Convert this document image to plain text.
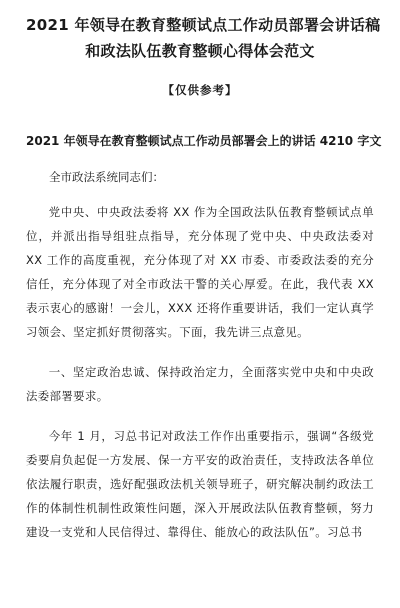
2021 年领导在教育整顿试点工作动员部署会讲话稿
和政法队伍教育整顿心得体会范文
【仅供参考】
2021 年领导在教育整顿试点工作动员部署会上的讲话 4210 字文
全市政法系统同志们：

党中央、中央政法委将 XX 作为全国政法队伍教育整顿试点单位，并派出指导组驻点指导，充分体现了党中央、中央政法委对 XX 工作的高度重视，充分体现了对 XX 市委、市委政法委的充分信任，充分体现了对全市政法干警的关心厚爱。在此，我代表 XX 表示衷心的感谢！一会儿，XXX 还将作重要讲话，我们一定认真学习领会、坚定抓好贯彻落实。下面，我先讲三点意见。

一、坚定政治忠诚、保持政治定力，全面落实党中央和中央政法委部署要求。

今年 1 月，习总书记对政法工作作出重要指示，强调“各级党委要肩负起促一方发展、保一方平安的政治责任，支持政法各单位依法履行职责，选好配强政法机关领导班子，研究解决制约政法工作的体制性机制性政策性问题，深入开展政法队伍教育整顿，努力建设一支党和人民信得过、靠得住、能放心的政法队伍”。习总书
